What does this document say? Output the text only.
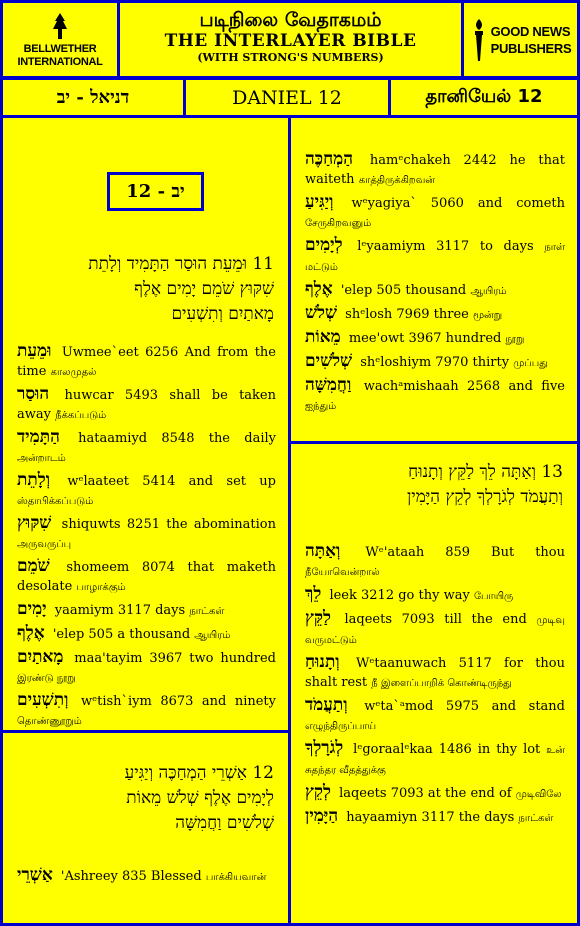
BELLWETHER
INTERNATIONAL
படிநிலை வேதாகமம்
THE INTERLAYER BIBLE
(WITH STRONG'S NUMBERS)
GOOD NEWS
PUBLISHERS
דניאל - יב	DANIEL 12	தானியேல் 12
12 - יב
11 וּמֵעֵת הוּסַר הַתָּמִיד וְלָתֵת
שִׁקּוּץ שֹׁמֵם יָמִים אֶלֶף
מָאתַיִם וְתִשְׁעִים
וּמֵעֵת Uwmee`eet 6256 And from the time காலமுதல்
הוּסַר huwcar 5493 shall be taken away நீக்கப்படும்
הַתָּמִיד hataamiyd 8548 the daily அன்றாடம்
וְלָתֵת wᵉlaateet 5414 and set up ஸ்தாபிக்கப்படும்
שִׁקּוּץ shiquwts 8251 the abomination அருவருப்பு
שֹׁמֵם shomeem 8074 that maketh desolate பாழாக்கும்
יָמִים yaamiym 3117 days நாட்கள்
אֶלֶף 'elep 505 a thousand ஆயிரம்
מָאתַיִם maa'tayim 3967 two hundred இரண்டு நூறு
וְתִשְׁעִים wᵉtish`iym 8673 and ninety தொண்ணூறும்
12 אַשְׁרֵי הַמְחַכֶּה וְיַגִּיעַ
לְיָמִים אֶלֶף שְׁלֹשׁ מֵאוֹת
שְׁלֹשִׁים וַחֲמִשָּׁה
אַשְׁרֵי 'Ashreey 835 Blessed பாக்கியவான்
הַמְחַכֶּה hamᵉchakeh 2442 he that waiteth காத்திருக்கிறவன்
וְיַגִּיעַ wᵉyagiya` 5060 and cometh சேருகிறவனும்
לְיָמִים lᵉyaamiym 3117 to days நாள் மட்டும்
אֶלֶף 'elep 505 thousand ஆயிரம்
שְׁלֹשׁ shᵉlosh 7969 three மூன்று
מֵאוֹת mee'owt 3967 hundred நூறு
שְׁלֹשִׁים shᵉloshiym 7970 thirty முப்பது
וַחֲמִשָּׁה wachᵃmishaah 2568 and five ஐந்தும்
13 וְאַתָּה לֵךְ לַקֵּץ וְתָנוּחַ
וְתַעֲמֹד לְגֹרָלְךָ לְקֵץ הַיָּמִין
וְאַתָּה Wᵉ'ataah 859 But thou நீயோவென்றால்
לֵךְ leek 3212 go thy way போயிரு
לַקֵּץ laqeets 7093 till the end முடிவு வருமட்டும்
וְתָנוּחַ Wᵉtaanuwach 5117 for thou shalt rest நீ இளைப்பாறிக் கொண்டிருந்து
וְתַעֲמֹד wᵉta`ᵃmod 5975 and stand எழுந்திருப்பாய்
לְגֹרָלְךָ lᵉgoraalᵉkaa 1486 in thy lot உன் சுதந்தர வீதத்துக்கு
לְקֵץ laqeets 7093 at the end of முடிவிலே
הַיָּמִין hayaamiyn 3117 the days நாட்கள்
